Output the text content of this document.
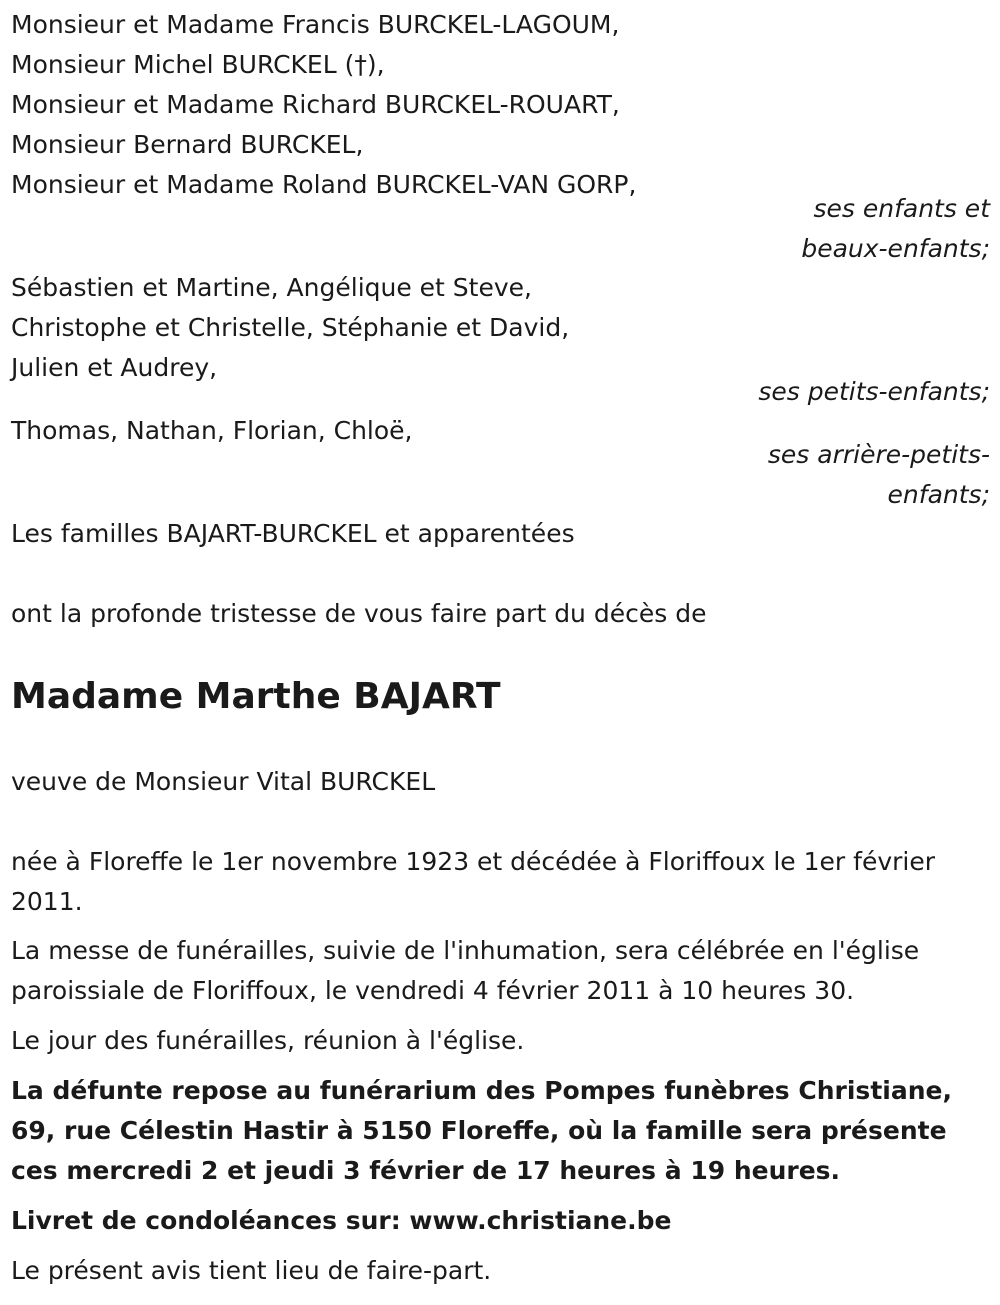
Monsieur et Madame Francis BURCKEL-LAGOUM,
Monsieur Michel BURCKEL (†),
Monsieur et Madame Richard BURCKEL-ROUART,
Monsieur Bernard BURCKEL,
Monsieur et Madame Roland BURCKEL-VAN GORP,
ses enfants et
beaux-enfants;
Sébastien et Martine, Angélique et Steve,
Christophe et Christelle, Stéphanie et David,
Julien et Audrey,
ses petits-enfants;
Thomas, Nathan, Florian, Chloë,
ses arrière-petits-
enfants;
Les familles BAJART-BURCKEL et apparentées
ont la profonde tristesse de vous faire part du décès de
Madame Marthe BAJART
veuve de Monsieur Vital BURCKEL
née à Floreffe le 1er novembre 1923 et décédée à Floriffoux le 1er février 2011.
La messe de funérailles, suivie de l'inhumation, sera célébrée en l'église paroissiale de Floriffoux, le vendredi 4 février 2011 à 10 heures 30.
Le jour des funérailles, réunion à l'église.
La défunte repose au funérarium des Pompes funèbres Christiane, 69, rue Célestin Hastir à 5150 Floreffe, où la famille sera présente ces mercredi 2 et jeudi 3 février de 17 heures à 19 heures.
Livret de condoléances sur: www.christiane.be
Le présent avis tient lieu de faire-part.
